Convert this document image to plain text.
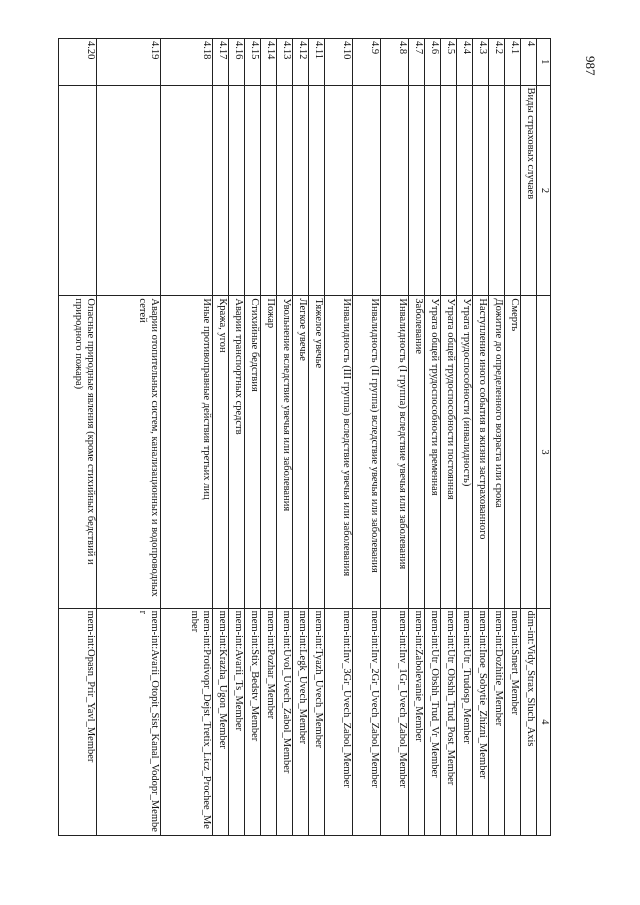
987
1	2	3	4
4	Виды страховых случаев		dim-int:Vidy_Strax_Sluch_Axis
4.1		Смерть	mem-int:Smert_Member
4.2		Дожитие до определенного возраста или срока	mem-int:Dozhitie_Member
4.3		Наступление иного события в жизни застрахованного	mem-int:Inoe_Sobytie_Zhizni_Member
4.4		Утрата трудоспособности (инвалидность)	mem-int:Utr_Trudosp_Member
4.5		Утрата общей трудоспособности постоянная	mem-int:Utr_Obshh_Trud_Post_Member
4.6		Утрата общей трудоспособности временная	mem-int:Utr_Obshh_Trud_Vr_Member
4.7		Заболевание	mem-int:Zabolevanie_Member
4.8		Инвалидность (I группа) вследствие увечья или заболевания	mem-int:Inv_1Gr_Uvech_Zabol_Member
4.9		Инвалидность (II группа) вследствие увечья или заболевания	mem-int:Inv_2Gr_Uvech_Zabol_Member
4.10		Инвалидность (III группа) вследствие увечья или заболевания	mem-int:Inv_3Gr_Uvech_Zabol_Member
4.11		Тяжелое увечье	mem-int:Tyazh_Uvech_Member
4.12		Легкое увечье	mem-int:Legk_Uvech_Member
4.13		Увольнение вследствие увечья или заболевания	mem-int:Uvol_Uvech_Zabol_Member
4.14		Пожар	mem-int:Pozhar_Member
4.15		Стихийные бедствия	mem-int:Stix_Bedstv_Member
4.16		Аварии транспортных средств	mem-int:Avarii_Ts_Member
4.17		Кража, угон	mem-int:Krazha_Ugon_Member
4.18		Иные противоправные действия третьих лиц	mem-int:Protivopr_Dejst_Tretix_Licz_Prochee_Member
4.19		Аварии отопительных систем, канализационных и водопроводных сетей	mem-int:Avarii_Otopit_Sist_Kanal_Vodopr_Member
4.20		Опасные природные явления (кроме стихийных бедствий и природного пожара)	mem-int:Opasn_Prir_Yavl_Member
